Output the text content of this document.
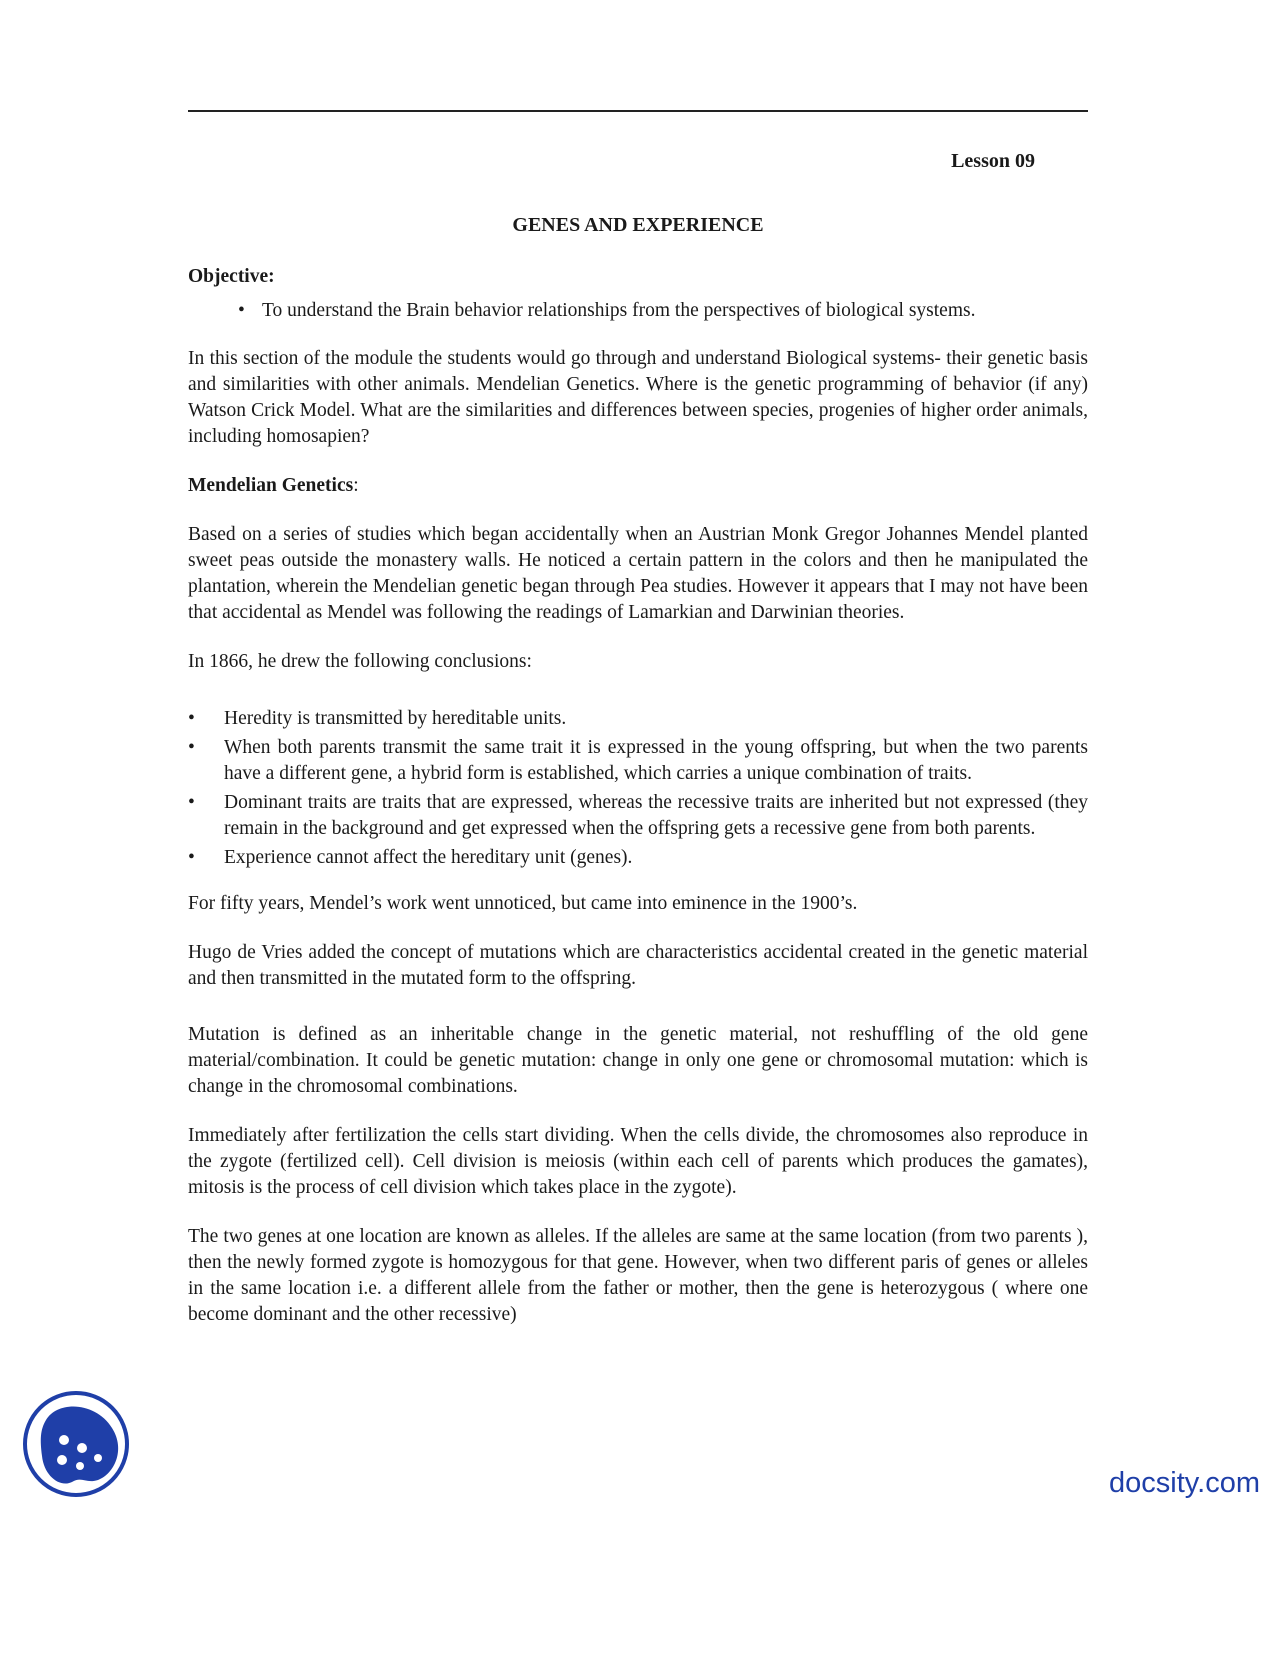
Lesson 09
GENES AND EXPERIENCE

Objective:

• To understand the Brain behavior relationships from the perspectives of biological systems.

In this section of the module the students would go through and understand Biological systems- their genetic basis and similarities with other animals. Mendelian Genetics. Where is the genetic programming of behavior (if any) Watson Crick Model. What are the similarities and differences between species, progenies of higher order animals, including homosapien?

Mendelian Genetics:

Based on a series of studies which began accidentally when an Austrian Monk Gregor Johannes Mendel planted sweet peas outside the monastery walls. He noticed a certain pattern in the colors and then he manipulated the plantation, wherein the Mendelian genetic began through Pea studies. However it appears that I may not have been that accidental as Mendel was following the readings of Lamarkian and Darwinian theories.

In 1866, he drew the following conclusions:

• Heredity is transmitted by hereditable units.
• When both parents transmit the same trait it is expressed in the young offspring, but when the two parents have a different gene, a hybrid form is established, which carries a unique combination of traits.
• Dominant traits are traits that are expressed, whereas the recessive traits are inherited but not expressed (they remain in the background and get expressed when the offspring gets a recessive gene from both parents.
• Experience cannot affect the hereditary unit (genes).

For fifty years, Mendel’s work went unnoticed, but came into eminence in the 1900’s.

Hugo de Vries added the concept of mutations which are characteristics accidental created in the genetic material and then transmitted in the mutated form to the offspring.

Mutation is defined as an inheritable change in the genetic material, not reshuffling of the old gene material/combination. It could be genetic mutation: change in only one gene or chromosomal mutation: which is change in the chromosomal combinations.

Immediately after fertilization the cells start dividing. When the cells divide, the chromosomes also reproduce in the zygote (fertilized cell). Cell division is meiosis (within each cell of parents which produces the gamates), mitosis is the process of cell division which takes place in the zygote).

The two genes at one location are known as alleles. If the alleles are same at the same location (from two parents ), then the newly formed zygote is homozygous for that gene. However, when two different paris of genes or alleles in the same location i.e. a different allele from the father or mother, then the gene is heterozygous ( where one become dominant and the other recessive)

docsity.com
